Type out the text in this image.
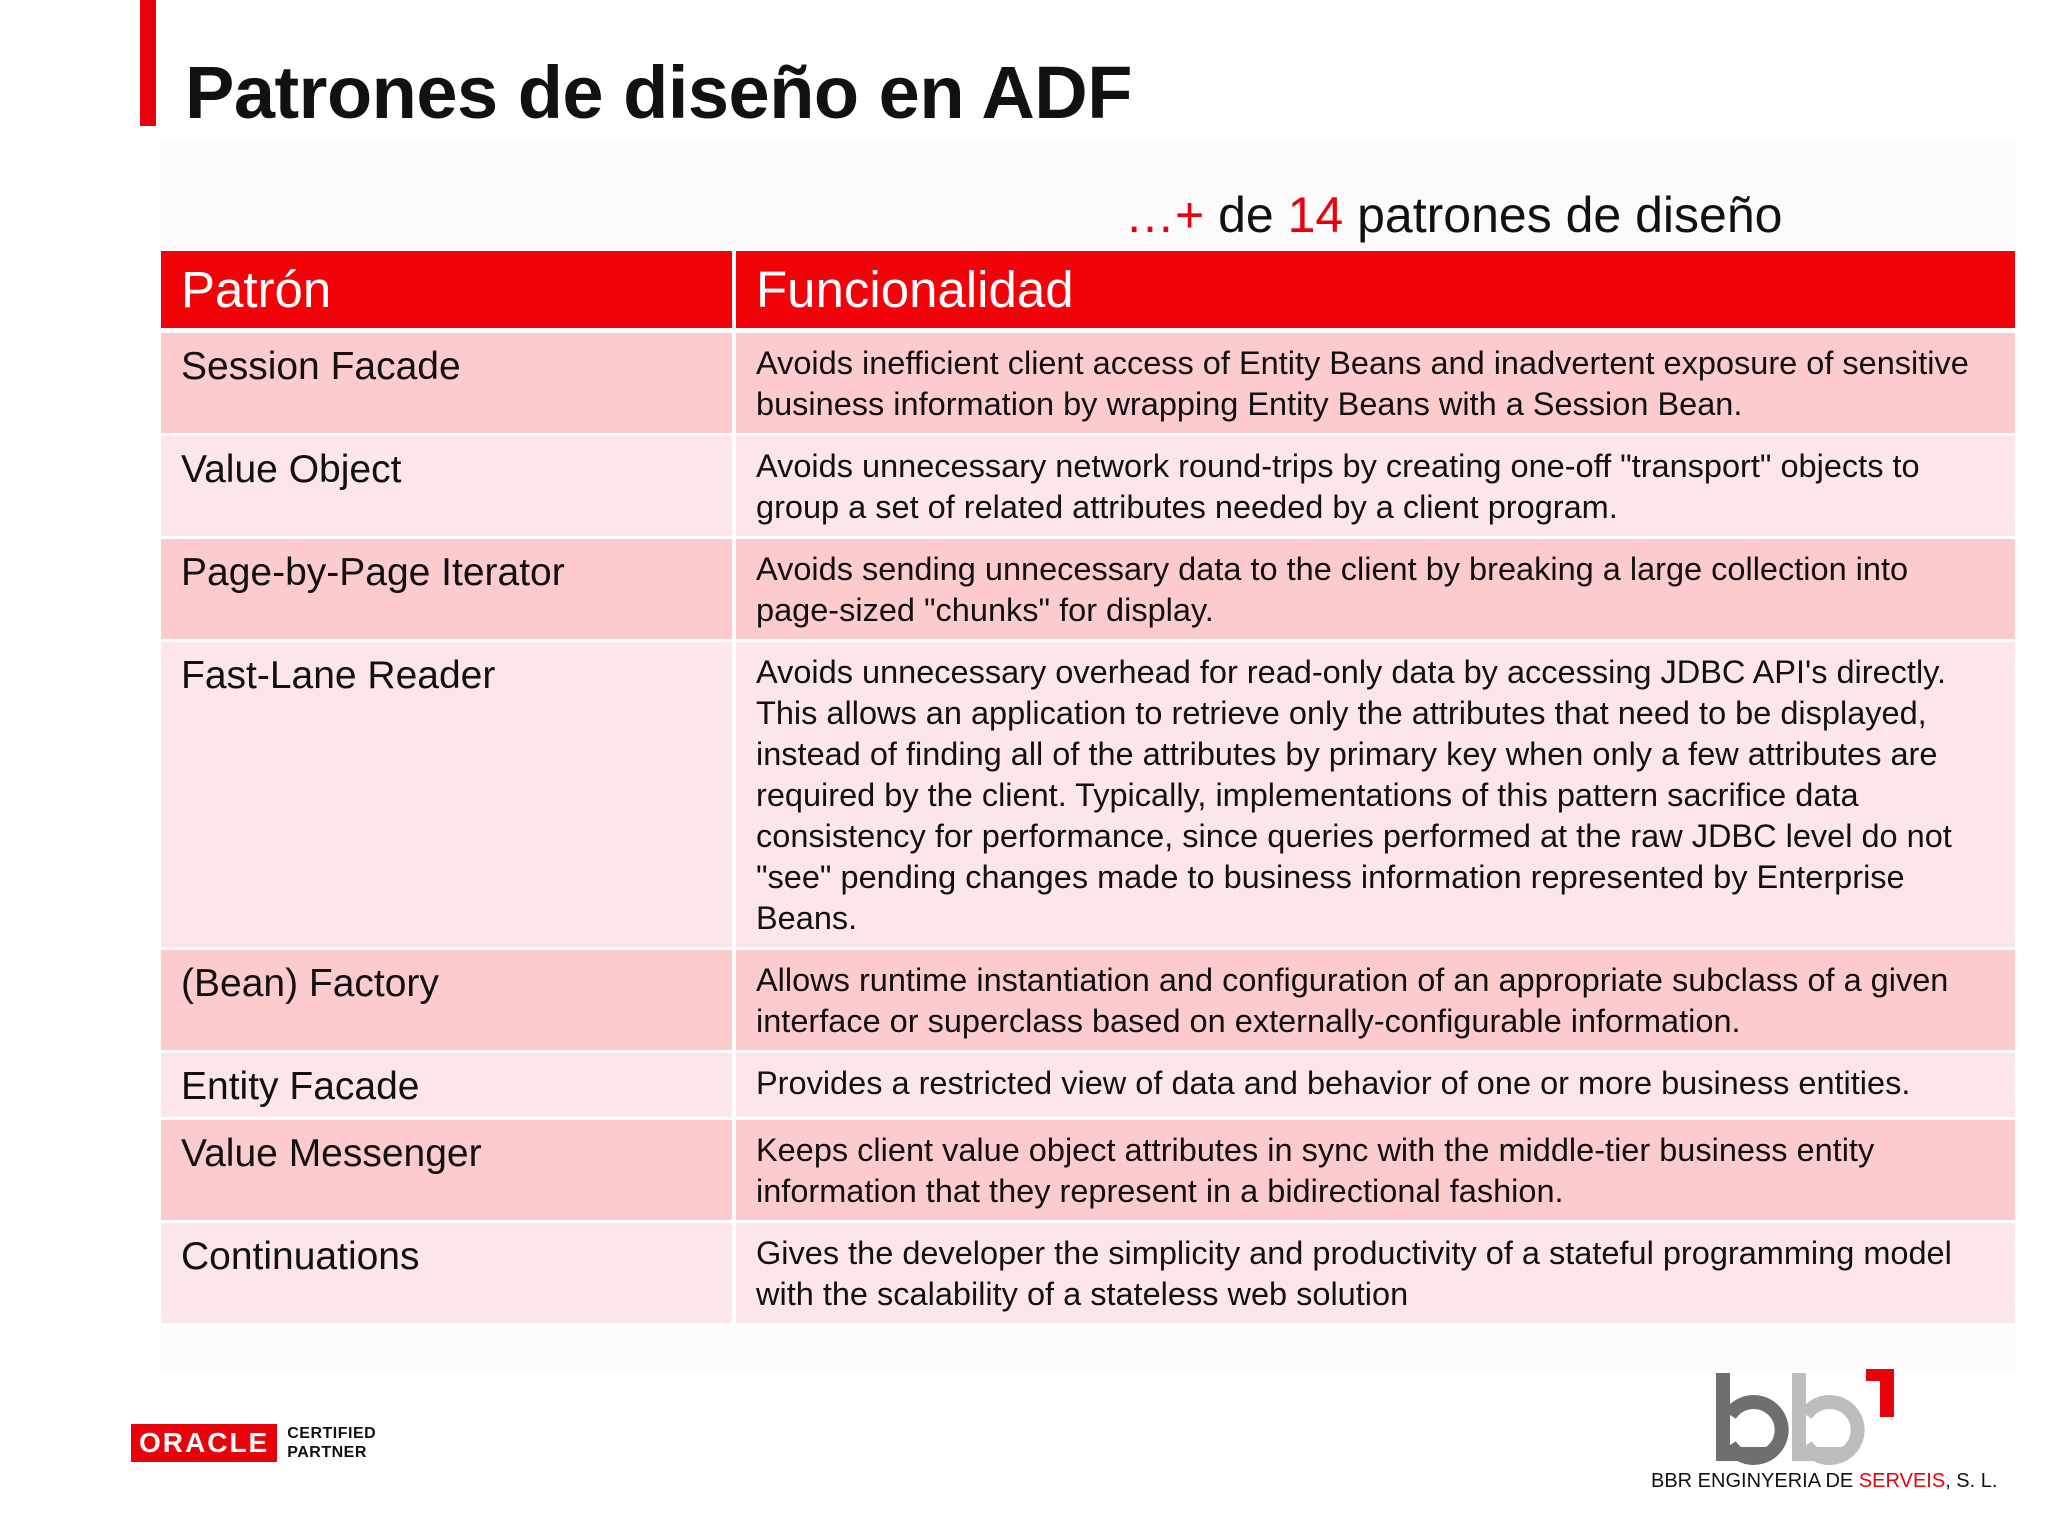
Patrones de diseño en ADF
…+ de 14 patrones de diseño
Patrón	Funcionalidad
Session Facade	Avoids inefficient client access of Entity Beans and inadvertent exposure of sensitive business information by wrapping Entity Beans with a Session Bean.
Value Object	Avoids unnecessary network round-trips by creating one-off "transport" objects to group a set of related attributes needed by a client program.
Page-by-Page Iterator	Avoids sending unnecessary data to the client by breaking a large collection into page-sized "chunks" for display.
Fast-Lane Reader	Avoids unnecessary overhead for read-only data by accessing JDBC API's directly. This allows an application to retrieve only the attributes that need to be displayed, instead of finding all of the attributes by primary key when only a few attributes are required by the client. Typically, implementations of this pattern sacrifice data consistency for performance, since queries performed at the raw JDBC level do not "see" pending changes made to business information represented by Enterprise Beans.
(Bean) Factory	Allows runtime instantiation and configuration of an appropriate subclass of a given interface or superclass based on externally-configurable information.
Entity Facade	Provides a restricted view of data and behavior of one or more business entities.
Value Messenger	Keeps client value object attributes in sync with the middle-tier business entity information that they represent in a bidirectional fashion.
Continuations	Gives the developer the simplicity and productivity of a stateful programming model with the scalability of a stateless web solution
ORACLE	CERTIFIED
PARTNER
BBR ENGINYERIA DE SERVEIS, S. L.
